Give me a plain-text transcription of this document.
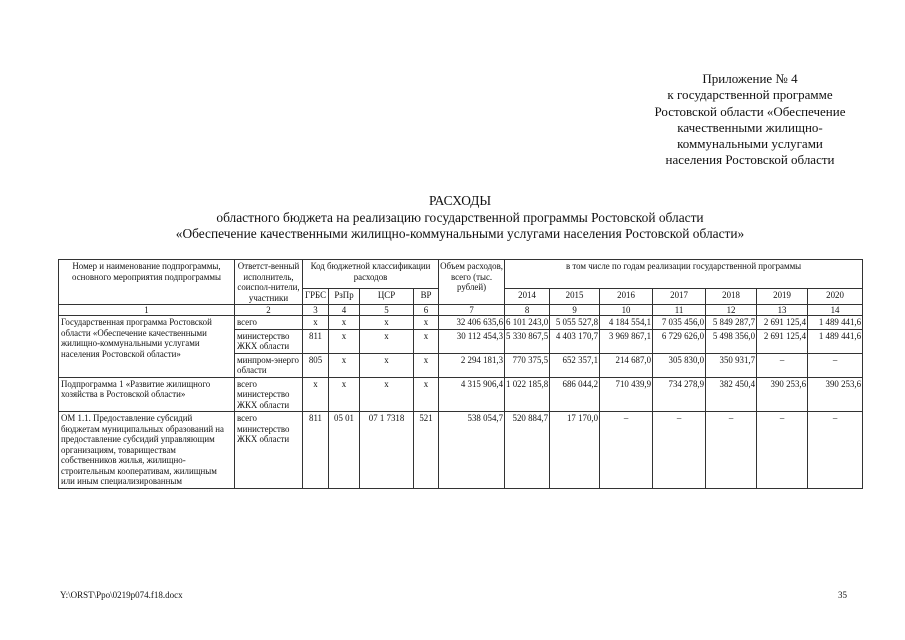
Приложение № 4
к государственной программе
Ростовской области «Обеспечение
качественными жилищно-
коммунальными услугами
населения Ростовской области
РАСХОДЫ
областного бюджета на реализацию государственной программы Ростовской области
«Обеспечение качественными жилищно-коммунальными услугами населения Ростовской области»
Номер и наименование подпрограммы, основного мероприятия подпрограммы	Ответст-венный исполнитель, соиспол-нители, участники	Код бюджетной классификации расходов				Объем расходов, всего (тыс. рублей)	в том числе по годам реализации государственной программы						
		ГРБС	РзПр	ЦСР	ВР		2014	2015	2016	2017	2018	2019	2020
1	2	3	4	5	6	7	8	9	10	11	12	13	14
Государственная программа Ростовской области «Обеспечение качественными жилищно-коммунальными услугами населения Ростовской области»	всего	х	х	х	х	32 406 635,6	6 101 243,0	5 055 527,8	4 184 554,1	7 035 456,0	5 849 287,7	2 691 125,4	1 489 441,6
	министерство ЖКХ области	811	х	х	х	30 112 454,3	5 330 867,5	4 403 170,7	3 969 867,1	6 729 626,0	5 498 356,0	2 691 125,4	1 489 441,6
	минпром-энерго области	805	х	х	х	2 294 181,3	770 375,5	652 357,1	214 687,0	305 830,0	350 931,7	–	–
Подпрограмма 1 «Развитие жилищного хозяйства в Ростовской области»	всего министерство ЖКХ области	х	х	х	х	4 315 906,4	1 022 185,8	686 044,2	710 439,9	734 278,9	382 450,4	390 253,6	390 253,6
ОМ 1.1. Предоставление субсидий бюджетам муниципальных образований на предоставление субсидий управляющим организациям, товариществам собственников жилья, жилищно-строительным кооперативам, жилищным или иным специализированным	всего министерство ЖКХ области	811	05 01	07 1 7318	521	538 054,7	520 884,7	17 170,0	–	–	–	–	–
Y:\ORST\Ppo\0219p074.f18.docx	35
